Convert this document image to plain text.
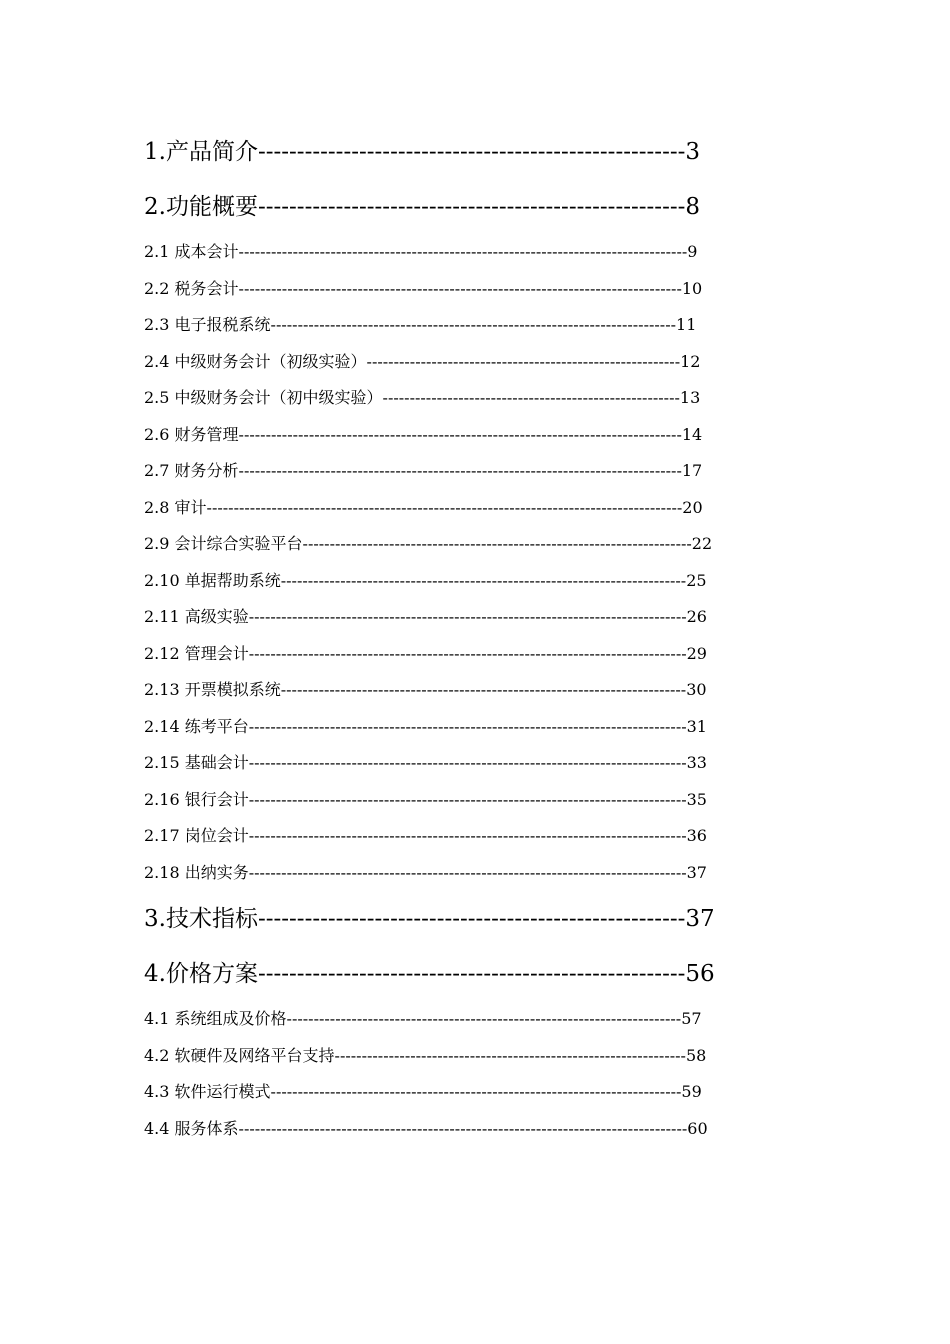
1.产品简介-------------------------------------------------------3
2.功能概要-------------------------------------------------------8
2.1 成本会计-----------------------------------------------------------------------------------9
2.2 税务会计----------------------------------------------------------------------------------10
2.3 电子报税系统---------------------------------------------------------------------------11
2.4 中级财务会计（初级实验）----------------------------------------------------------12
2.5 中级财务会计（初中级实验）-------------------------------------------------------13
2.6 财务管理----------------------------------------------------------------------------------14
2.7 财务分析----------------------------------------------------------------------------------17
2.8 审计----------------------------------------------------------------------------------------20
2.9 会计综合实验平台------------------------------------------------------------------------22
2.10 单据帮助系统---------------------------------------------------------------------------25
2.11 高级实验---------------------------------------------------------------------------------26
2.12 管理会计---------------------------------------------------------------------------------29
2.13 开票模拟系统---------------------------------------------------------------------------30
2.14 练考平台---------------------------------------------------------------------------------31
2.15 基础会计---------------------------------------------------------------------------------33
2.16 银行会计---------------------------------------------------------------------------------35
2.17 岗位会计---------------------------------------------------------------------------------36
2.18 出纳实务---------------------------------------------------------------------------------37
3.技术指标-------------------------------------------------------37
4.价格方案-------------------------------------------------------56
4.1 系统组成及价格-------------------------------------------------------------------------57
4.2 软硬件及网络平台支持-----------------------------------------------------------------58
4.3 软件运行模式----------------------------------------------------------------------------59
4.4 服务体系-----------------------------------------------------------------------------------60
